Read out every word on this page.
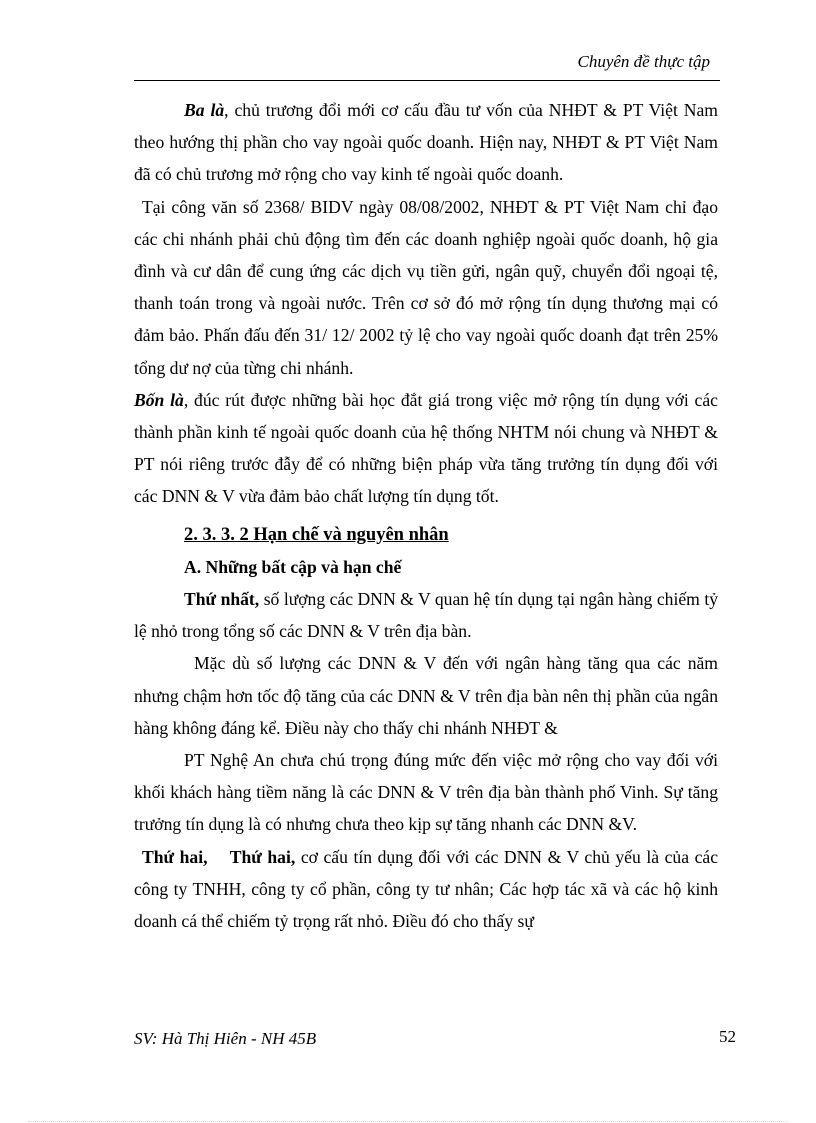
Chuyên đề thực tập

Ba là, chủ trương đổi mới cơ cấu đầu tư vốn của NHĐT & PT Việt Nam theo hướng thị phần cho vay ngoài quốc doanh. Hiện nay, NHĐT & PT Việt Nam đã có chủ trương mở rộng cho vay kinh tế ngoài quốc doanh.

Tại công văn số 2368/ BIDV ngày 08/08/2002, NHĐT & PT Việt Nam chỉ đạo các chi nhánh phải chủ động tìm đến các doanh nghiệp ngoài quốc doanh, hộ gia đình và cư dân để cung ứng các dịch vụ tiền gửi, ngân quỹ, chuyển đổi ngoại tệ, thanh toán trong và ngoài nước. Trên cơ sở đó mở rộng tín dụng thương mại có đảm bảo. Phấn đấu đến 31/ 12/ 2002 tỷ lệ cho vay ngoài quốc doanh đạt trên 25% tổng dư nợ của từng chi nhánh.

Bốn là, đúc rút được những bài học đắt giá trong việc mở rộng tín dụng với các thành phần kinh tế ngoài quốc doanh của hệ thống NHTM nói chung và NHĐT & PT nói riêng trước đẫy để có những biện pháp vừa tăng trưởng tín dụng đối với các DNN & V vừa đảm bảo chất lượng tín dụng tốt.

2. 3. 3. 2 Hạn chế và nguyên nhân

A. Những bất cập và hạn chế

Thứ nhất, số lượng các DNN & V quan hệ tín dụng tại ngân hàng chiếm tỷ lệ nhỏ trong tổng số các DNN & V trên địa bàn.

Mặc dù số lượng các DNN & V đến với ngân hàng tăng qua các năm nhưng chậm hơn tốc độ tăng của các DNN & V trên địa bàn nên thị phần của ngân hàng không đáng kể. Điều này cho thấy chi nhánh NHĐT &

PT Nghệ An chưa chú trọng đúng mức đến việc mở rộng cho vay đối với khối khách hàng tiềm năng là các DNN & V trên địa bàn thành phố Vinh. Sự tăng trưởng tín dụng là có nhưng chưa theo kịp sự tăng nhanh các DNN &V.

Thứ hai, Thứ hai, cơ cấu tín dụng đối với các DNN & V chủ yếu là của các công ty TNHH, công ty cổ phần, công ty tư nhân; Các hợp tác xã và các hộ kinh doanh cá thể chiếm tỷ trọng rất nhỏ. Điều đó cho thấy sự

SV: Hà Thị Hiên - NH 45B	52
